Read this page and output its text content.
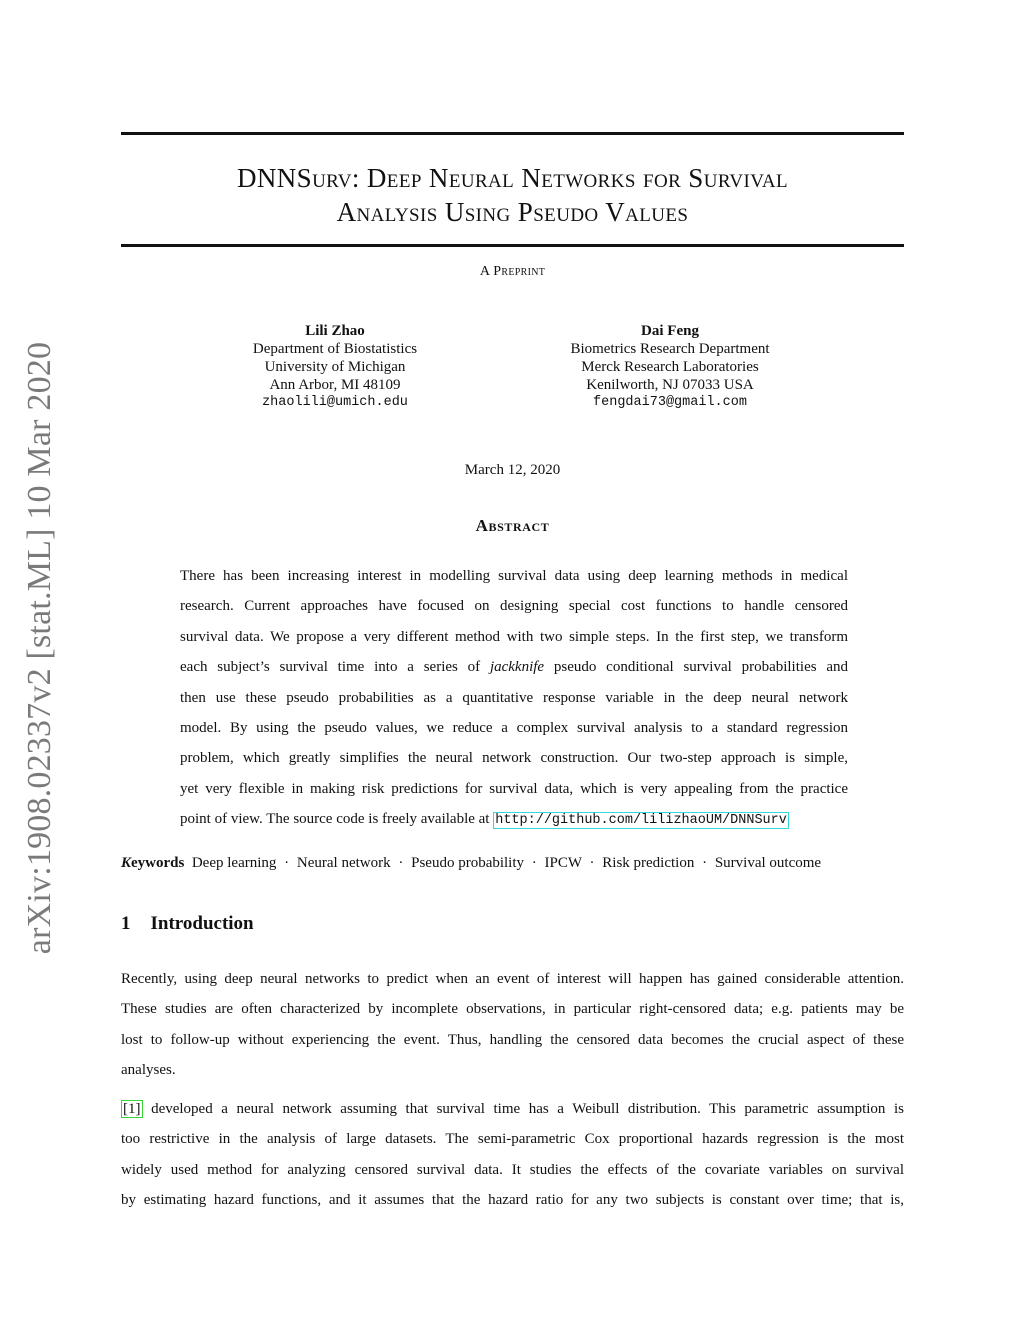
arXiv:1908.02337v2 [stat.ML] 10 Mar 2020
DNNSurv: Deep Neural Networks for Survival
Analysis Using Pseudo Values
A Preprint
Lili Zhao
Department of Biostatistics
University of Michigan
Ann Arbor, MI 48109
zhaolili@umich.edu
Dai Feng
Biometrics Research Department
Merck Research Laboratories
Kenilworth, NJ 07033 USA
fengdai73@gmail.com
March 12, 2020
Abstract
There has been increasing interest in modelling survival data using deep learning methods in medical
research. Current approaches have focused on designing special cost functions to handle censored
survival data. We propose a very different method with two simple steps. In the first step, we transform
each subject’s survival time into a series of jackknife pseudo conditional survival probabilities and
then use these pseudo probabilities as a quantitative response variable in the deep neural network
model. By using the pseudo values, we reduce a complex survival analysis to a standard regression
problem, which greatly simplifies the neural network construction. Our two-step approach is simple,
yet very flexible in making risk predictions for survival data, which is very appealing from the practice
point of view. The source code is freely available at http://github.com/lilizhaoUM/DNNSurv
Keywords Deep learning · Neural network · Pseudo probability · IPCW · Risk prediction · Survival outcome
1 Introduction
Recently, using deep neural networks to predict when an event of interest will happen has gained considerable attention.
These studies are often characterized by incomplete observations, in particular right-censored data; e.g. patients may be
lost to follow-up without experiencing the event. Thus, handling the censored data becomes the crucial aspect of these
analyses.
[1] developed a neural network assuming that survival time has a Weibull distribution. This parametric assumption is
too restrictive in the analysis of large datasets. The semi-parametric Cox proportional hazards regression is the most
widely used method for analyzing censored survival data. It studies the effects of the covariate variables on survival
by estimating hazard functions, and it assumes that the hazard ratio for any two subjects is constant over time; that is,
